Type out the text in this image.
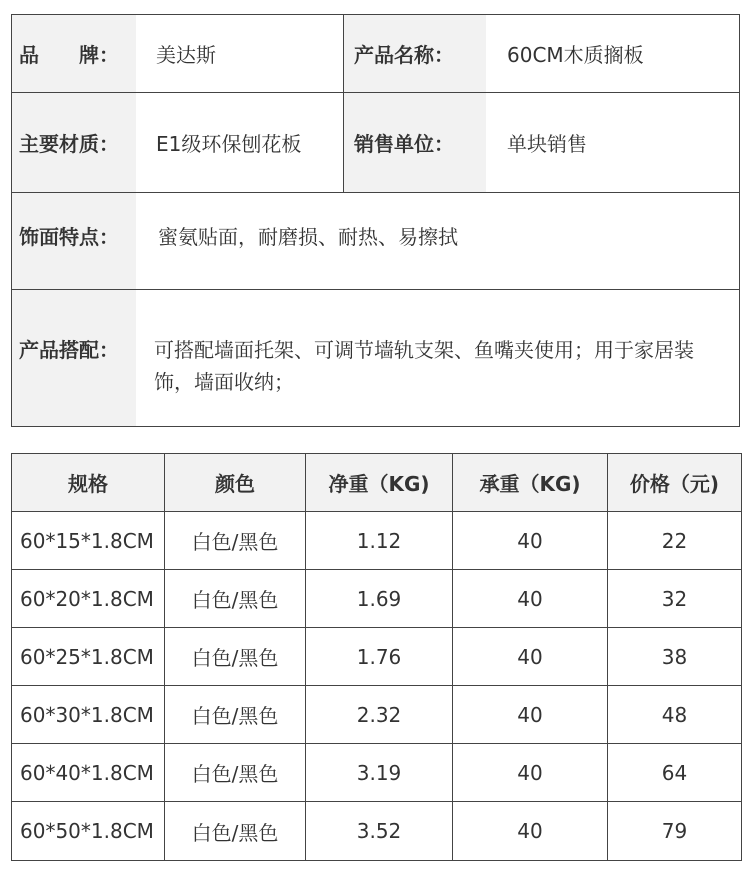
品　　牌：	美达斯	产品名称：	60CM木质搁板
主要材质：	E1级环保刨花板	销售单位：	单块销售
饰面特点：	蜜氨贴面，耐磨损、耐热、易擦拭
产品搭配：	可搭配墙面托架、可调节墙轨支架、鱼嘴夹使用；用于家居装饰，墙面收纳；
规格	颜色	净重（KG)	承重（KG)	价格（元)
60*15*1.8CM	白色/黑色	1.12	40	22
60*20*1.8CM	白色/黑色	1.69	40	32
60*25*1.8CM	白色/黑色	1.76	40	38
60*30*1.8CM	白色/黑色	2.32	40	48
60*40*1.8CM	白色/黑色	3.19	40	64
60*50*1.8CM	白色/黑色	3.52	40	79
